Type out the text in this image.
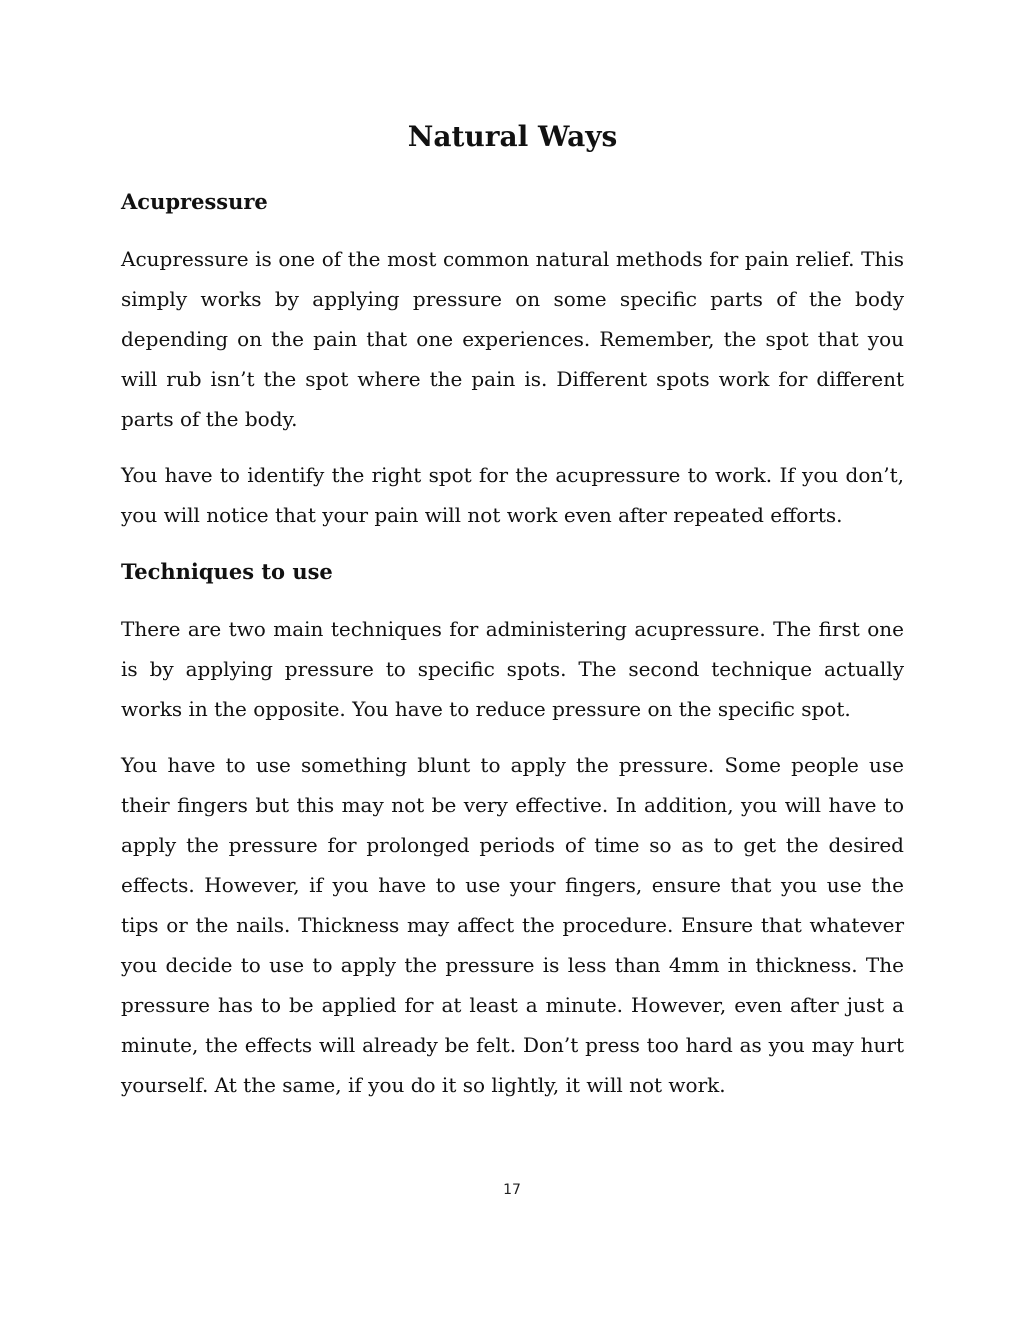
Natural Ways
Acupressure

Acupressure is one of the most common natural methods for pain relief. This simply works by applying pressure on some specific parts of the body depending on the pain that one experiences. Remember, the spot that you will rub isn’t the spot where the pain is. Different spots work for different parts of the body.

You have to identify the right spot for the acupressure to work. If you don’t, you will notice that your pain will not work even after repeated efforts.

Techniques to use

There are two main techniques for administering acupressure. The first one is by applying pressure to specific spots. The second technique actually works in the opposite. You have to reduce pressure on the specific spot.

You have to use something blunt to apply the pressure. Some people use their fingers but this may not be very effective. In addition, you will have to apply the pressure for prolonged periods of time so as to get the desired effects. However, if you have to use your fingers, ensure that you use the tips or the nails. Thickness may affect the procedure. Ensure that whatever you decide to use to apply the pressure is less than 4mm in thickness. The pressure has to be applied for at least a minute. However, even after just a minute, the effects will already be felt. Don’t press too hard as you may hurt yourself. At the same, if you do it so lightly, it will not work.

17
